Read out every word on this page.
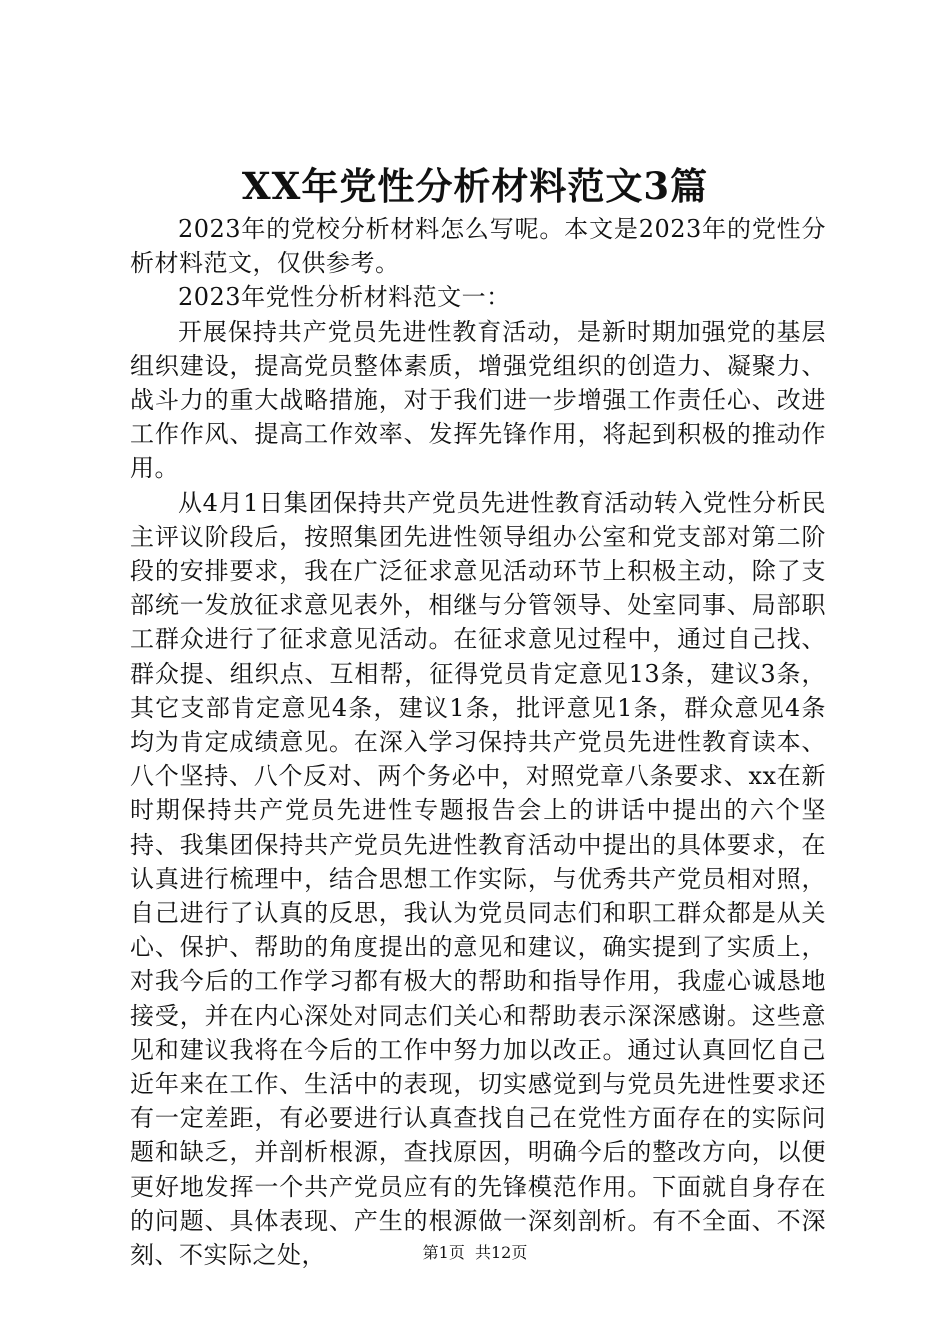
XX年党性分析材料范文3篇

2023年的党校分析材料怎么写呢。本文是2023年的党性分析材料范文，仅供参考。

2023年党性分析材料范文一：

开展保持共产党员先进性教育活动，是新时期加强党的基层组织建设，提高党员整体素质，增强党组织的创造力、凝聚力、战斗力的重大战略措施，对于我们进一步增强工作责任心、改进工作作风、提高工作效率、发挥先锋作用，将起到积极的推动作用。

从4月1日集团保持共产党员先进性教育活动转入党性分析民主评议阶段后，按照集团先进性领导组办公室和党支部对第二阶段的安排要求，我在广泛征求意见活动环节上积极主动，除了支部统一发放征求意见表外，相继与分管领导、处室同事、局部职工群众进行了征求意见活动。在征求意见过程中，通过自己找、群众提、组织点、互相帮，征得党员肯定意见13条，建议3条，其它支部肯定意见4条，建议1条，批评意见1条，群众意见4条均为肯定成绩意见。在深入学习保持共产党员先进性教育读本、八个坚持、八个反对、两个务必中，对照党章八条要求、xx在新时期保持共产党员先进性专题报告会上的讲话中提出的六个坚持、我集团保持共产党员先进性教育活动中提出的具体要求，在认真进行梳理中，结合思想工作实际，与优秀共产党员相对照，自己进行了认真的反思，我认为党员同志们和职工群众都是从关心、保护、帮助的角度提出的意见和建议，确实提到了实质上，对我今后的工作学习都有极大的帮助和指导作用，我虚心诚恳地接受，并在内心深处对同志们关心和帮助表示深深感谢。这些意见和建议我将在今后的工作中努力加以改正。通过认真回忆自己近年来在工作、生活中的表现，切实感觉到与党员先进性要求还有一定差距，有必要进行认真查找自己在党性方面存在的实际问题和缺乏，并剖析根源，查找原因，明确今后的整改方向，以便更好地发挥一个共产党员应有的先锋模范作用。下面就自身存在的问题、具体表现、产生的根源做一深刻剖析。有不全面、不深刻、不实际之处，	第1页  共12页
